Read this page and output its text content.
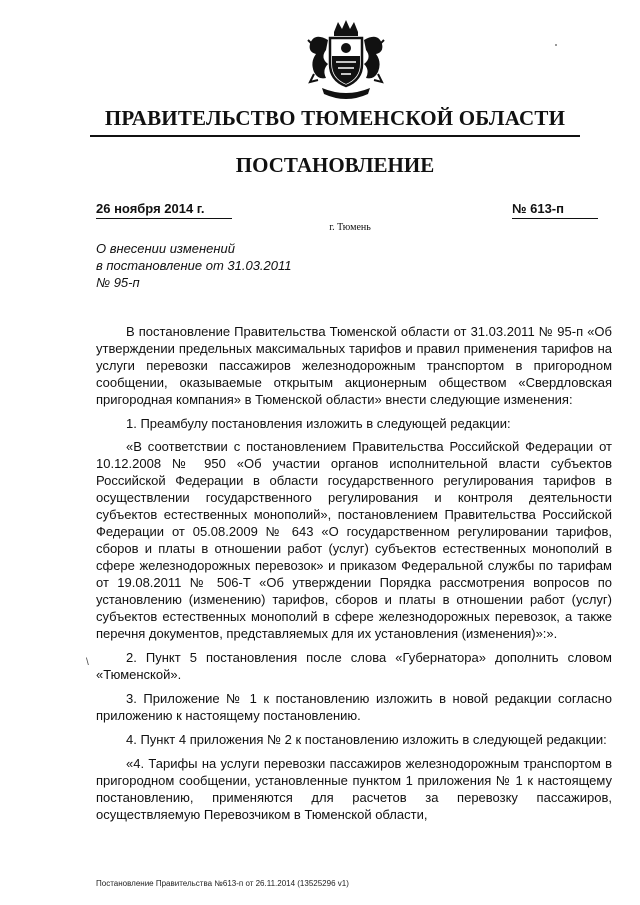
ПРАВИТЕЛЬСТВО ТЮМЕНСКОЙ ОБЛАСТИ
ПОСТАНОВЛЕНИЕ
26 ноября 2014 г.	№ 613-п
г. Тюмень
О внесении изменений
в постановление от 31.03.2011
№ 95-п

В постановление Правительства Тюменской области от 31.03.2011 № 95-п «Об утверждении предельных максимальных тарифов и правил применения тарифов на услуги перевозки пассажиров железнодорожным транспортом в пригородном сообщении, оказываемые открытым акционерным обществом «Свердловская пригородная компания» в Тюменской области» внести следующие изменения:

1. Преамбулу постановления изложить в следующей редакции:

«В соответствии с постановлением Правительства Российской Федерации от 10.12.2008 № 950 «Об участии органов исполнительной власти субъектов Российской Федерации в области государственного регулирования тарифов в осуществлении государственного регулирования и контроля деятельности субъектов естественных монополий», постановлением Правительства Российской Федерации от 05.08.2009 № 643 «О государственном регулировании тарифов, сборов и платы в отношении работ (услуг) субъектов естественных монополий в сфере железнодорожных перевозок» и приказом Федеральной службы по тарифам от 19.08.2011 № 506-Т «Об утверждении Порядка рассмотрения вопросов по установлению (изменению) тарифов, сборов и платы в отношении работ (услуг) субъектов естественных монополий в сфере железнодорожных перевозок, а также перечня документов, представляемых для их установления (изменения)»:».

2. Пункт 5 постановления после слова «Губернатора» дополнить словом «Тюменской».

3. Приложение № 1 к постановлению изложить в новой редакции согласно приложению к настоящему постановлению.

4. Пункт 4 приложения № 2 к постановлению изложить в следующей редакции:

«4. Тарифы на услуги перевозки пассажиров железнодорожным транспортом в пригородном сообщении, установленные пунктом 1 приложения № 1 к настоящему постановлению, применяются для расчетов за перевозку пассажиров, осуществляемую Перевозчиком в Тюменской области,

\
Постановление Правительства №613-п от 26.11.2014 (13525296 v1)
